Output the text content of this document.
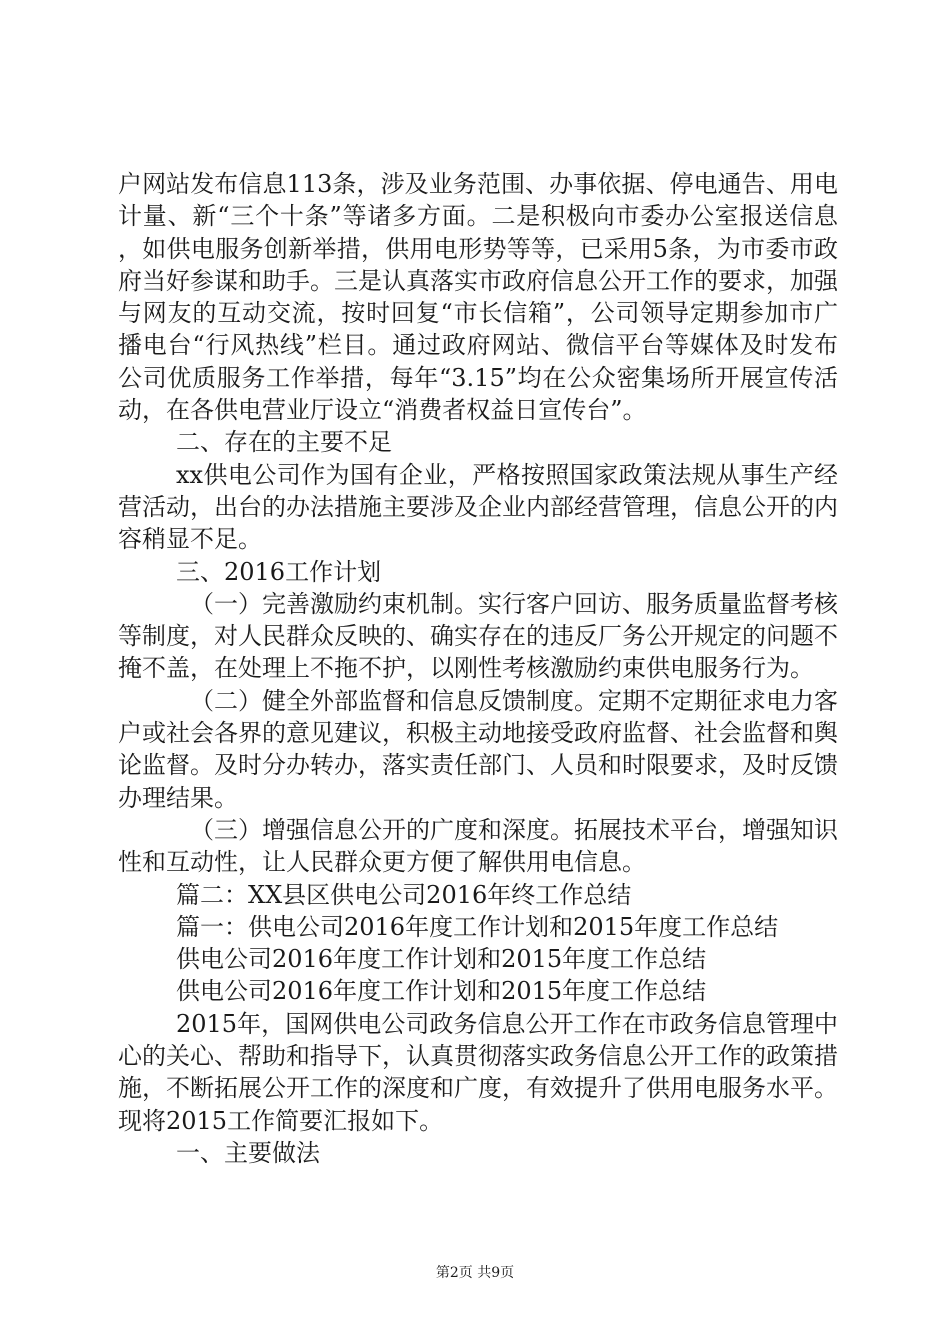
户网站发布信息113条，涉及业务范围、办事依据、停电通告、用电计量、新“三个十条”等诸多方面。二是积极向市委办公室报送信息，如供电服务创新举措，供用电形势等等，已采用5条，为市委市政府当好参谋和助手。三是认真落实市政府信息公开工作的要求，加强与网友的互动交流，按时回复“市长信箱”，公司领导定期参加市广播电台“行风热线”栏目。通过政府网站、微信平台等媒体及时发布公司优质服务工作举措，每年“3.15”均在公众密集场所开展宣传活动，在各供电营业厅设立“消费者权益日宣传台”。

二、存在的主要不足

xx供电公司作为国有企业，严格按照国家政策法规从事生产经营活动，出台的办法措施主要涉及企业内部经营管理，信息公开的内容稍显不足。

三、2016工作计划

（一）完善激励约束机制。实行客户回访、服务质量监督考核等制度，对人民群众反映的、确实存在的违反厂务公开规定的问题不掩不盖，在处理上不拖不护，以刚性考核激励约束供电服务行为。

（二）健全外部监督和信息反馈制度。定期不定期征求电力客户或社会各界的意见建议，积极主动地接受政府监督、社会监督和舆论监督。及时分办转办，落实责任部门、人员和时限要求，及时反馈办理结果。

（三）增强信息公开的广度和深度。拓展技术平台，增强知识性和互动性，让人民群众更方便了解供用电信息。

篇二：XX县区供电公司2016年终工作总结

篇一：供电公司2016年度工作计划和2015年度工作总结

供电公司2016年度工作计划和2015年度工作总结

供电公司2016年度工作计划和2015年度工作总结

2015年，国网供电公司政务信息公开工作在市政务信息管理中心的关心、帮助和指导下，认真贯彻落实政务信息公开工作的政策措施，不断拓展公开工作的深度和广度，有效提升了供用电服务水平。现将2015工作简要汇报如下。

一、主要做法

第2页 共9页
